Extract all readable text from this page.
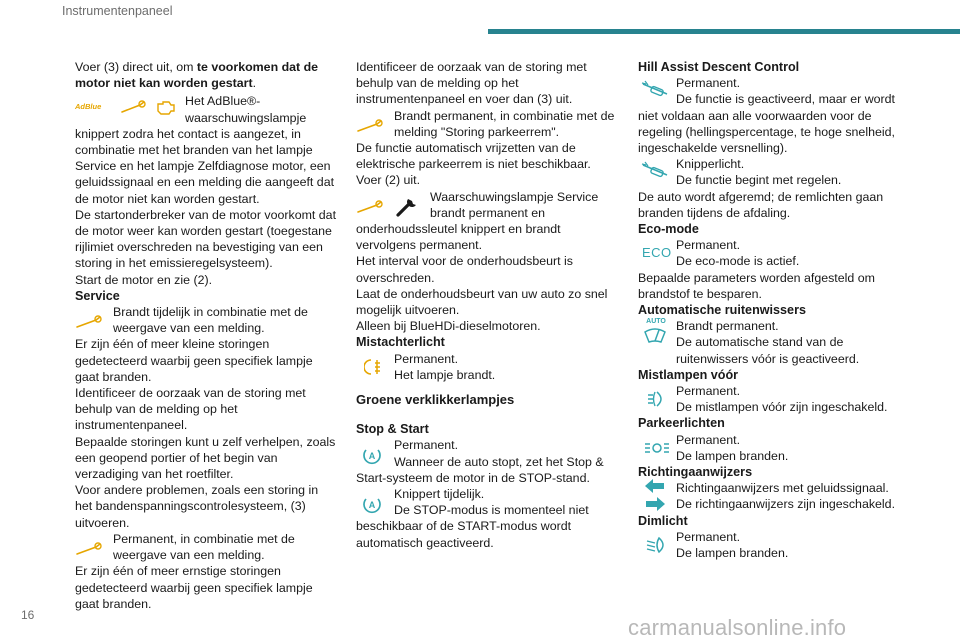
Instrumentenpaneel

Voer (3) direct uit, om te voorkomen dat de motor niet kan worden gestart.

AdBlue	Het AdBlue®-waarschuwingslampje

knippert zodra het contact is aangezet, in combinatie met het branden van het lampje Service en het lampje Zelfdiagnose motor, een geluidssignaal en een melding die aangeeft dat de motor niet kan worden gestart.

De startonderbreker van de motor voorkomt dat de motor weer kan worden gestart (toegestane rijlimiet overschreden na bevestiging van een storing in het emissieregelsysteem).

Start de motor en zie (2).

Service

Brandt tijdelijk in combinatie met de weergave van een melding.

Er zijn één of meer kleine storingen gedetecteerd waarbij geen specifiek lampje gaat branden.

Identificeer de oorzaak van de storing met behulp van de melding op het instrumentenpaneel.

Bepaalde storingen kunt u zelf verhelpen, zoals een geopend portier of het begin van verzadiging van het roetfilter.

Voor andere problemen, zoals een storing in het bandenspanningscontrolesysteem, (3) uitvoeren.

Permanent, in combinatie met de weergave van een melding.

Er zijn één of meer ernstige storingen gedetecteerd waarbij geen specifiek lampje gaat branden.

Identificeer de oorzaak van de storing met behulp van de melding op het instrumentenpaneel en voer dan (3) uit.

Brandt permanent, in combinatie met de melding "Storing parkeerrem".

De functie automatisch vrijzetten van de elektrische parkeerrem is niet beschikbaar.

Voer (2) uit.

Waarschuwingslampje Service brandt permanent en

onderhoudssleutel knippert en brandt vervolgens permanent.

Het interval voor de onderhoudsbeurt is overschreden.

Laat de onderhoudsbeurt van uw auto zo snel mogelijk uitvoeren.

Alleen bij BlueHDi-dieselmotoren.

Mistachterlicht

Permanent.

Het lampje brandt.

Groene verklikkerlampjes

Stop & Start

A

Permanent.

Wanneer de auto stopt, zet het Stop & Start-systeem de motor in de STOP-stand.

A

Knippert tijdelijk.

De STOP-modus is momenteel niet beschikbaar of de START-modus wordt automatisch geactiveerd.

Hill Assist Descent Control

Permanent.

De functie is geactiveerd, maar er wordt niet voldaan aan alle voorwaarden voor de regeling (hellingspercentage, te hoge snelheid, ingeschakelde versnelling).

Knipperlicht.

De functie begint met regelen.

De auto wordt afgeremd; de remlichten gaan branden tijdens de afdaling.

Eco-mode

ECO Permanent.

De eco-mode is actief.

Bepaalde parameters worden afgesteld om brandstof te besparen.

Automatische ruitenwissers

AUTO Brandt permanent.

De automatische stand van de ruitenwissers vóór is geactiveerd.

Mistlampen vóór

Permanent.

De mistlampen vóór zijn ingeschakeld.

Parkeerlichten

Permanent.

De lampen branden.

Richtingaanwijzers

Richtingaanwijzers met geluidssignaal.

De richtingaanwijzers zijn ingeschakeld.

Dimlicht

Permanent.

De lampen branden.

16	carmanualsonline.info
